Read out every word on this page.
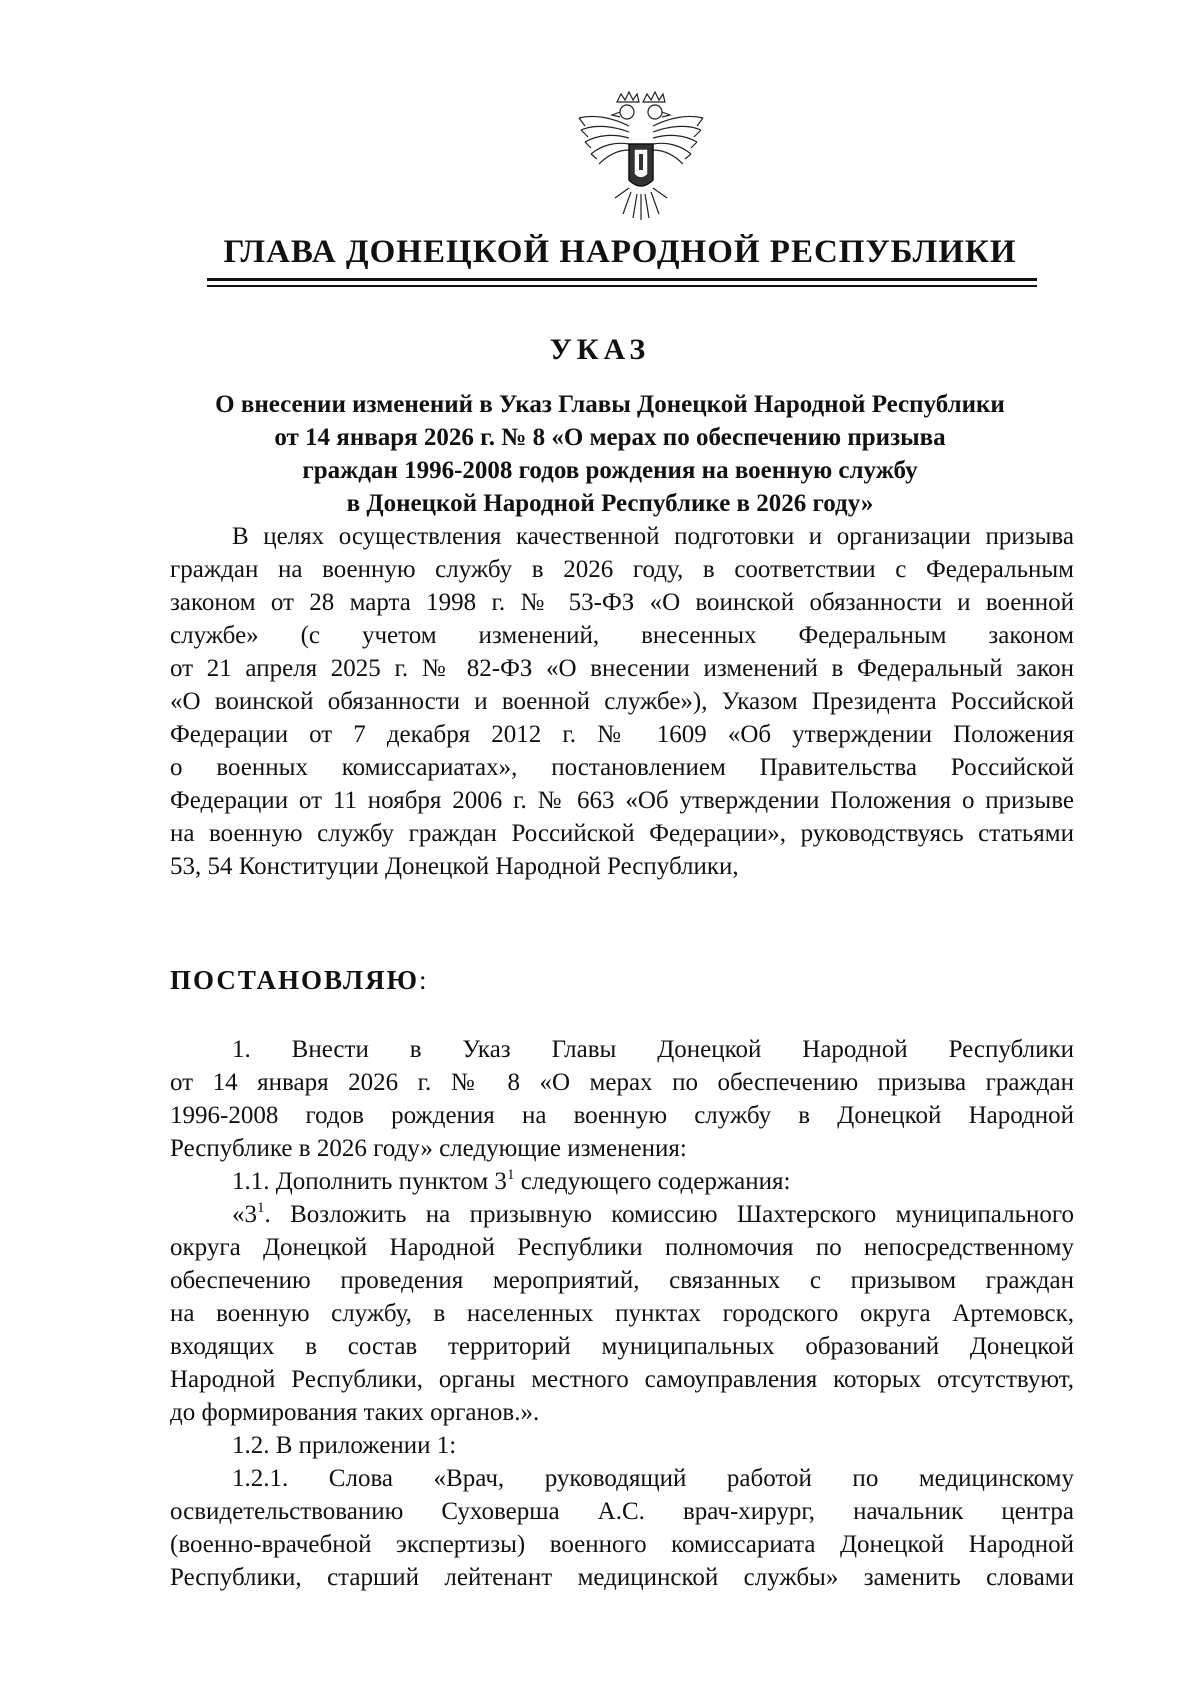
ГЛАВА ДОНЕЦКОЙ НАРОДНОЙ РЕСПУБЛИКИ
УКАЗ
О внесении изменений в Указ Главы Донецкой Народной Республики
от 14 января 2026 г. № 8 «О мерах по обеспечению призыва
граждан 1996-2008 годов рождения на военную службу
в Донецкой Народной Республике в 2026 году»
В целях осуществления качественной подготовки и организации призыва
граждан на военную службу в 2026 году, в соответствии с Федеральным
законом от 28 марта 1998 г. № 53-ФЗ «О воинской обязанности и военной
службе» (с учетом изменений, внесенных Федеральным законом
от 21 апреля 2025 г. № 82-ФЗ «О внесении изменений в Федеральный закон
«О воинской обязанности и военной службе»), Указом Президента Российской
Федерации от 7 декабря 2012 г. № 1609 «Об утверждении Положения
о военных комиссариатах», постановлением Правительства Российской
Федерации от 11 ноября 2006 г. № 663 «Об утверждении Положения о призыве
на военную службу граждан Российской Федерации», руководствуясь статьями
53, 54 Конституции Донецкой Народной Республики,
ПОСТАНОВЛЯЮ:
1. Внести в Указ Главы Донецкой Народной Республики
от 14 января 2026 г. № 8 «О мерах по обеспечению призыва граждан
1996-2008 годов рождения на военную службу в Донецкой Народной
Республике в 2026 году» следующие изменения:
1.1. Дополнить пунктом $3^1$ следующего содержания:
«$3^1$. Возложить на призывную комиссию Шахтерского муниципального
округа Донецкой Народной Республики полномочия по непосредственному
обеспечению проведения мероприятий, связанных с призывом граждан
на военную службу, в населенных пунктах городского округа Артемовск,
входящих в состав территорий муниципальных образований Донецкой
Народной Республики, органы местного самоуправления которых отсутствуют,
до формирования таких органов.».
1.2. В приложении 1:
1.2.1. Слова «Врач, руководящий работой по медицинскому
освидетельствованию Суховерша А.С. врач-хирург, начальник центра
(военно-врачебной экспертизы) военного комиссариата Донецкой Народной
Республики, старший лейтенант медицинской службы» заменить словами
